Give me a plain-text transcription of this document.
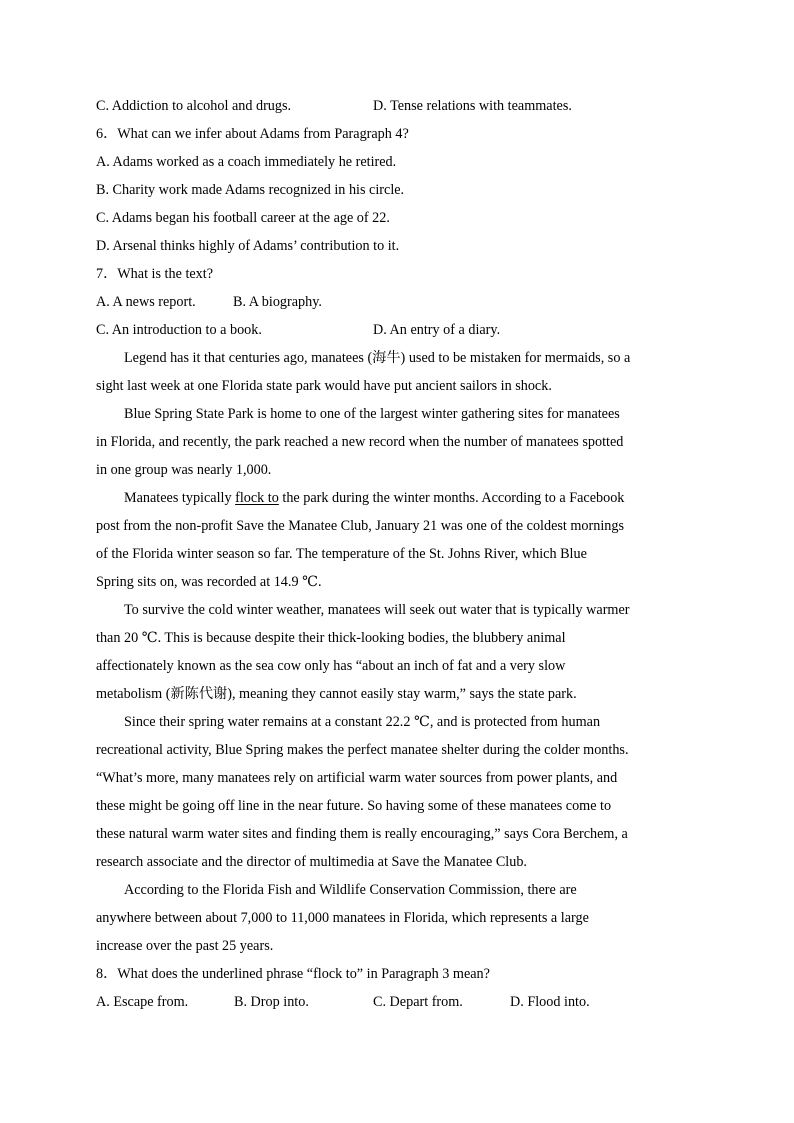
C. Addiction to alcohol and drugs.	D. Tense relations with teammates.
6．What can we infer about Adams from Paragraph 4?
A. Adams worked as a coach immediately he retired.
B. Charity work made Adams recognized in his circle.
C. Adams began his football career at the age of 22.
D. Arsenal thinks highly of Adams’ contribution to it.
7．What is the text?
A. A news report.	B. A biography.
C. An introduction to a book.	D. An entry of a diary.
Legend has it that centuries ago, manatees (海牛) used to be mistaken for mermaids, so a
sight last week at one Florida state park would have put ancient sailors in shock.
Blue Spring State Park is home to one of the largest winter gathering sites for manatees
in Florida, and recently, the park reached a new record when the number of manatees spotted
in one group was nearly 1,000.
Manatees typically flock to the park during the winter months. According to a Facebook
post from the non-profit Save the Manatee Club, January 21 was one of the coldest mornings
of the Florida winter season so far. The temperature of the St. Johns River, which Blue
Spring sits on, was recorded at 14.9 ℃.
To survive the cold winter weather, manatees will seek out water that is typically warmer
than 20 ℃. This is because despite their thick-looking bodies, the blubbery animal
affectionately known as the sea cow only has “about an inch of fat and a very slow
metabolism (新陈代谢), meaning they cannot easily stay warm,” says the state park.
Since their spring water remains at a constant 22.2 ℃, and is protected from human
recreational activity, Blue Spring makes the perfect manatee shelter during the colder months.
“What’s more, many manatees rely on artificial warm water sources from power plants, and
these might be going off line in the near future. So having some of these manatees come to
these natural warm water sites and finding them is really encouraging,” says Cora Berchem, a
research associate and the director of multimedia at Save the Manatee Club.
According to the Florida Fish and Wildlife Conservation Commission, there are
anywhere between about 7,000 to 11,000 manatees in Florida, which represents a large
increase over the past 25 years.
8．What does the underlined phrase “flock to” in Paragraph 3 mean?
A. Escape from.	B. Drop into.	C. Depart from.	D. Flood into.
